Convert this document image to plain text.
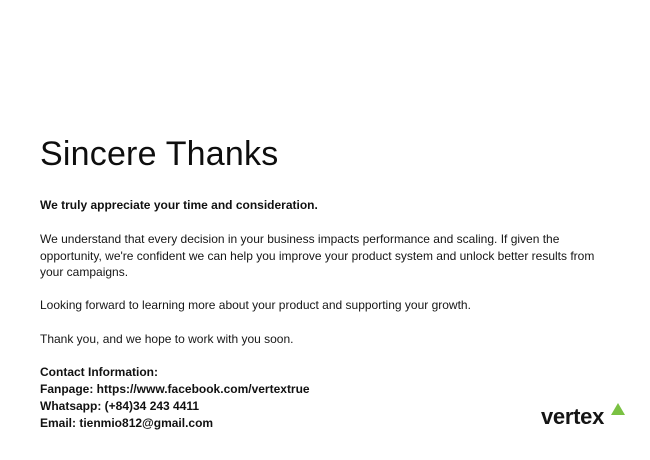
Sincere Thanks

We truly appreciate your time and consideration.

We understand that every decision in your business impacts performance and scaling. If given the opportunity, we're confident we can help you improve your product system and unlock better results from your campaigns.

Looking forward to learning more about your product and supporting your growth.

Thank you, and we hope to work with you soon.

Contact Information:
Fanpage: https://www.facebook.com/vertextrue
Whatsapp: (+84)34 243 4411
Email: tienmio812@gmail.com	vertex
